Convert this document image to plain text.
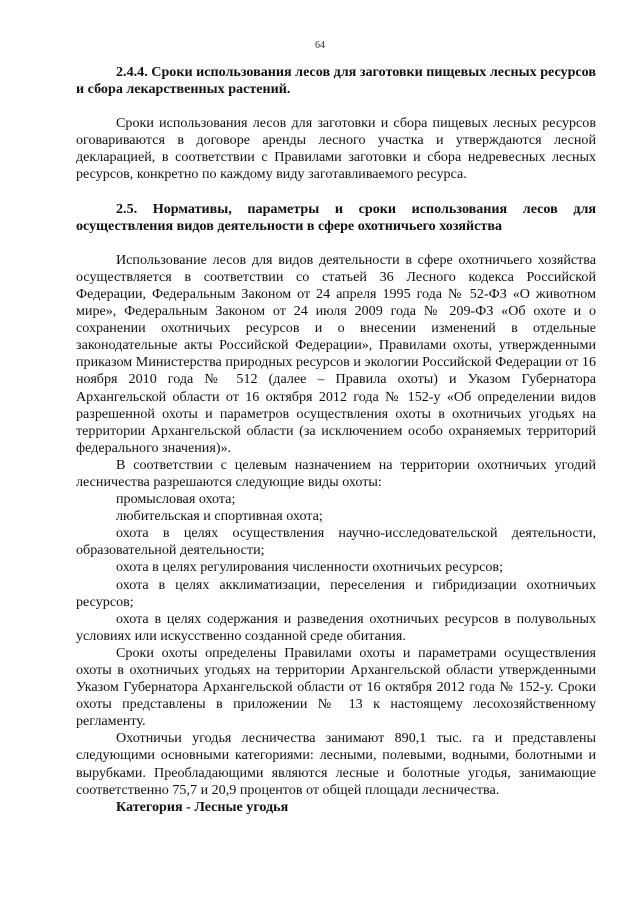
64
2.4.4. Сроки использования лесов для заготовки пищевых лесных ресурсов и сбора лекарственных растений.

Сроки использования лесов для заготовки и сбора пищевых лесных ресурсов оговариваются в договоре аренды лесного участка и утверждаются лесной декларацией, в соответствии с Правилами заготовки и сбора недревесных лесных ресурсов, конкретно по каждому виду заготавливаемого ресурса.

2.5. Нормативы, параметры и сроки использования лесов для осуществления видов деятельности в сфере охотничьего хозяйства

Использование лесов для видов деятельности в сфере охотничьего хозяйства осуществляется в соответствии со статьей 36 Лесного кодекса Российской Федерации, Федеральным Законом от 24 апреля 1995 года № 52-ФЗ «О животном мире», Федеральным Законом от 24 июля 2009 года № 209-ФЗ «Об охоте и о сохранении охотничьих ресурсов и о внесении изменений в отдельные законодательные акты Российской Федерации», Правилами охоты, утвержденными приказом Министерства природных ресурсов и экологии Российской Федерации от 16 ноября 2010 года № 512 (далее – Правила охоты) и Указом Губернатора Архангельской области от 16 октября 2012 года № 152-у «Об определении видов разрешенной охоты и параметров осуществления охоты в охотничьих угодьях на территории Архангельской области (за исключением особо охраняемых территорий федерального значения)».

В соответствии с целевым назначением на территории охотничьих угодий лесничества разрешаются следующие виды охоты:

промысловая охота;

любительская и спортивная охота;

охота в целях осуществления научно-исследовательской деятельности, образовательной деятельности;

охота в целях регулирования численности охотничьих ресурсов;

охота в целях акклиматизации, переселения и гибридизации охотничьих ресурсов;

охота в целях содержания и разведения охотничьих ресурсов в полувольных условиях или искусственно созданной среде обитания.

Сроки охоты определены Правилами охоты и параметрами осуществления охоты в охотничьих угодьях на территории Архангельской области утвержденными Указом Губернатора Архангельской области от 16 октября 2012 года № 152-у. Сроки охоты представлены в приложении № 13 к настоящему лесохозяйственному регламенту.

Охотничьи угодья лесничества занимают 890,1 тыс. га и представлены следующими основными категориями: лесными, полевыми, водными, болотными и вырубками. Преобладающими являются лесные и болотные угодья, занимающие соответственно 75,7 и 20,9 процентов от общей площади лесничества.

Категория - Лесные угодья
